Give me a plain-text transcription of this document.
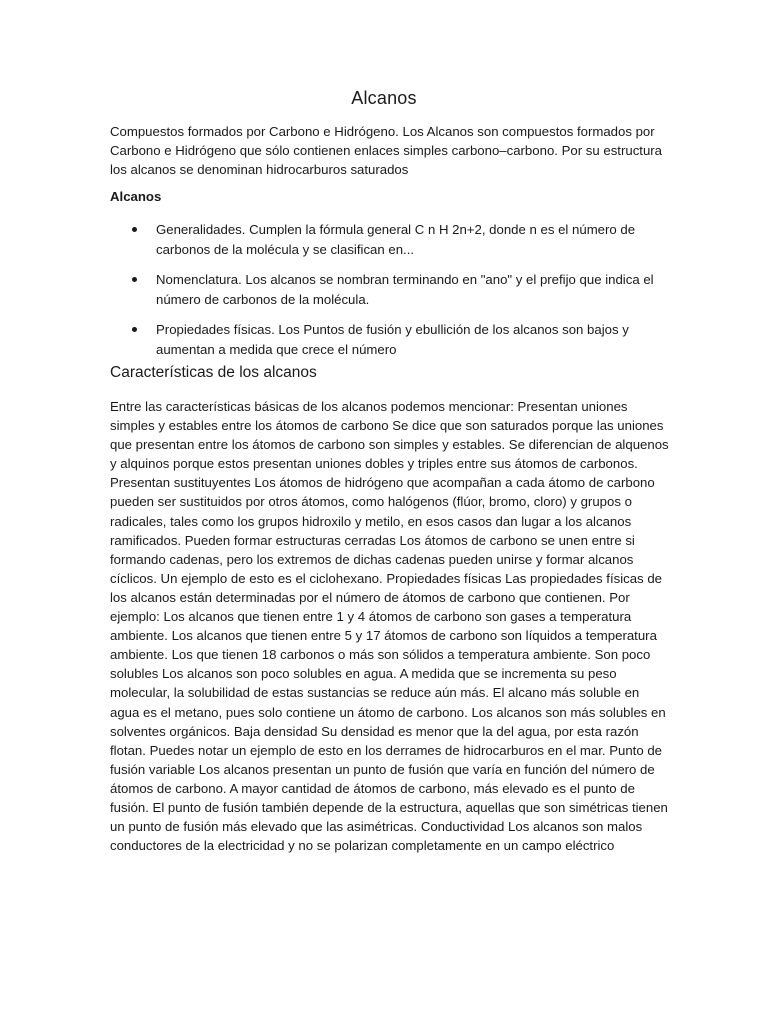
Alcanos
Compuestos formados por Carbono e Hidrógeno. Los Alcanos son compuestos formados por Carbono e Hidrógeno que sólo contienen enlaces simples carbono–carbono. Por su estructura los alcanos se denominan hidrocarburos saturados
Alcanos
Generalidades. Cumplen la fórmula general C n H 2n+2, donde n es el número de carbonos de la molécula y se clasifican en...
Nomenclatura. Los alcanos se nombran terminando en "ano" y el prefijo que indica el número de carbonos de la molécula.
Propiedades físicas. Los Puntos de fusión y ebullición de los alcanos son bajos y aumentan a medida que crece el número
Características de los alcanos
Entre las características básicas de los alcanos podemos mencionar: Presentan uniones simples y estables entre los átomos de carbono Se dice que son saturados porque las uniones que presentan entre los átomos de carbono son simples y estables. Se diferencian de alquenos y alquinos porque estos presentan uniones dobles y triples entre sus átomos de carbonos. Presentan sustituyentes Los átomos de hidrógeno que acompañan a cada átomo de carbono pueden ser sustituidos por otros átomos, como halógenos (flúor, bromo, cloro) y grupos o radicales, tales como los grupos hidroxilo y metilo, en esos casos dan lugar a los alcanos ramificados. Pueden formar estructuras cerradas Los átomos de carbono se unen entre si formando cadenas, pero los extremos de dichas cadenas pueden unirse y formar alcanos cíclicos. Un ejemplo de esto es el ciclohexano. Propiedades físicas Las propiedades físicas de los alcanos están determinadas por el número de átomos de carbono que contienen. Por ejemplo: Los alcanos que tienen entre 1 y 4 átomos de carbono son gases a temperatura ambiente. Los alcanos que tienen entre 5 y 17 átomos de carbono son líquidos a temperatura ambiente. Los que tienen 18 carbonos o más son sólidos a temperatura ambiente. Son poco solubles Los alcanos son poco solubles en agua. A medida que se incrementa su peso molecular, la solubilidad de estas sustancias se reduce aún más. El alcano más soluble en agua es el metano, pues solo contiene un átomo de carbono. Los alcanos son más solubles en solventes orgánicos. Baja densidad Su densidad es menor que la del agua, por esta razón flotan. Puedes notar un ejemplo de esto en los derrames de hidrocarburos en el mar. Punto de fusión variable Los alcanos presentan un punto de fusión que varía en función del número de átomos de carbono. A mayor cantidad de átomos de carbono, más elevado es el punto de fusión. El punto de fusión también depende de la estructura, aquellas que son simétricas tienen un punto de fusión más elevado que las asimétricas. Conductividad Los alcanos son malos conductores de la electricidad y no se polarizan completamente en un campo eléctrico
